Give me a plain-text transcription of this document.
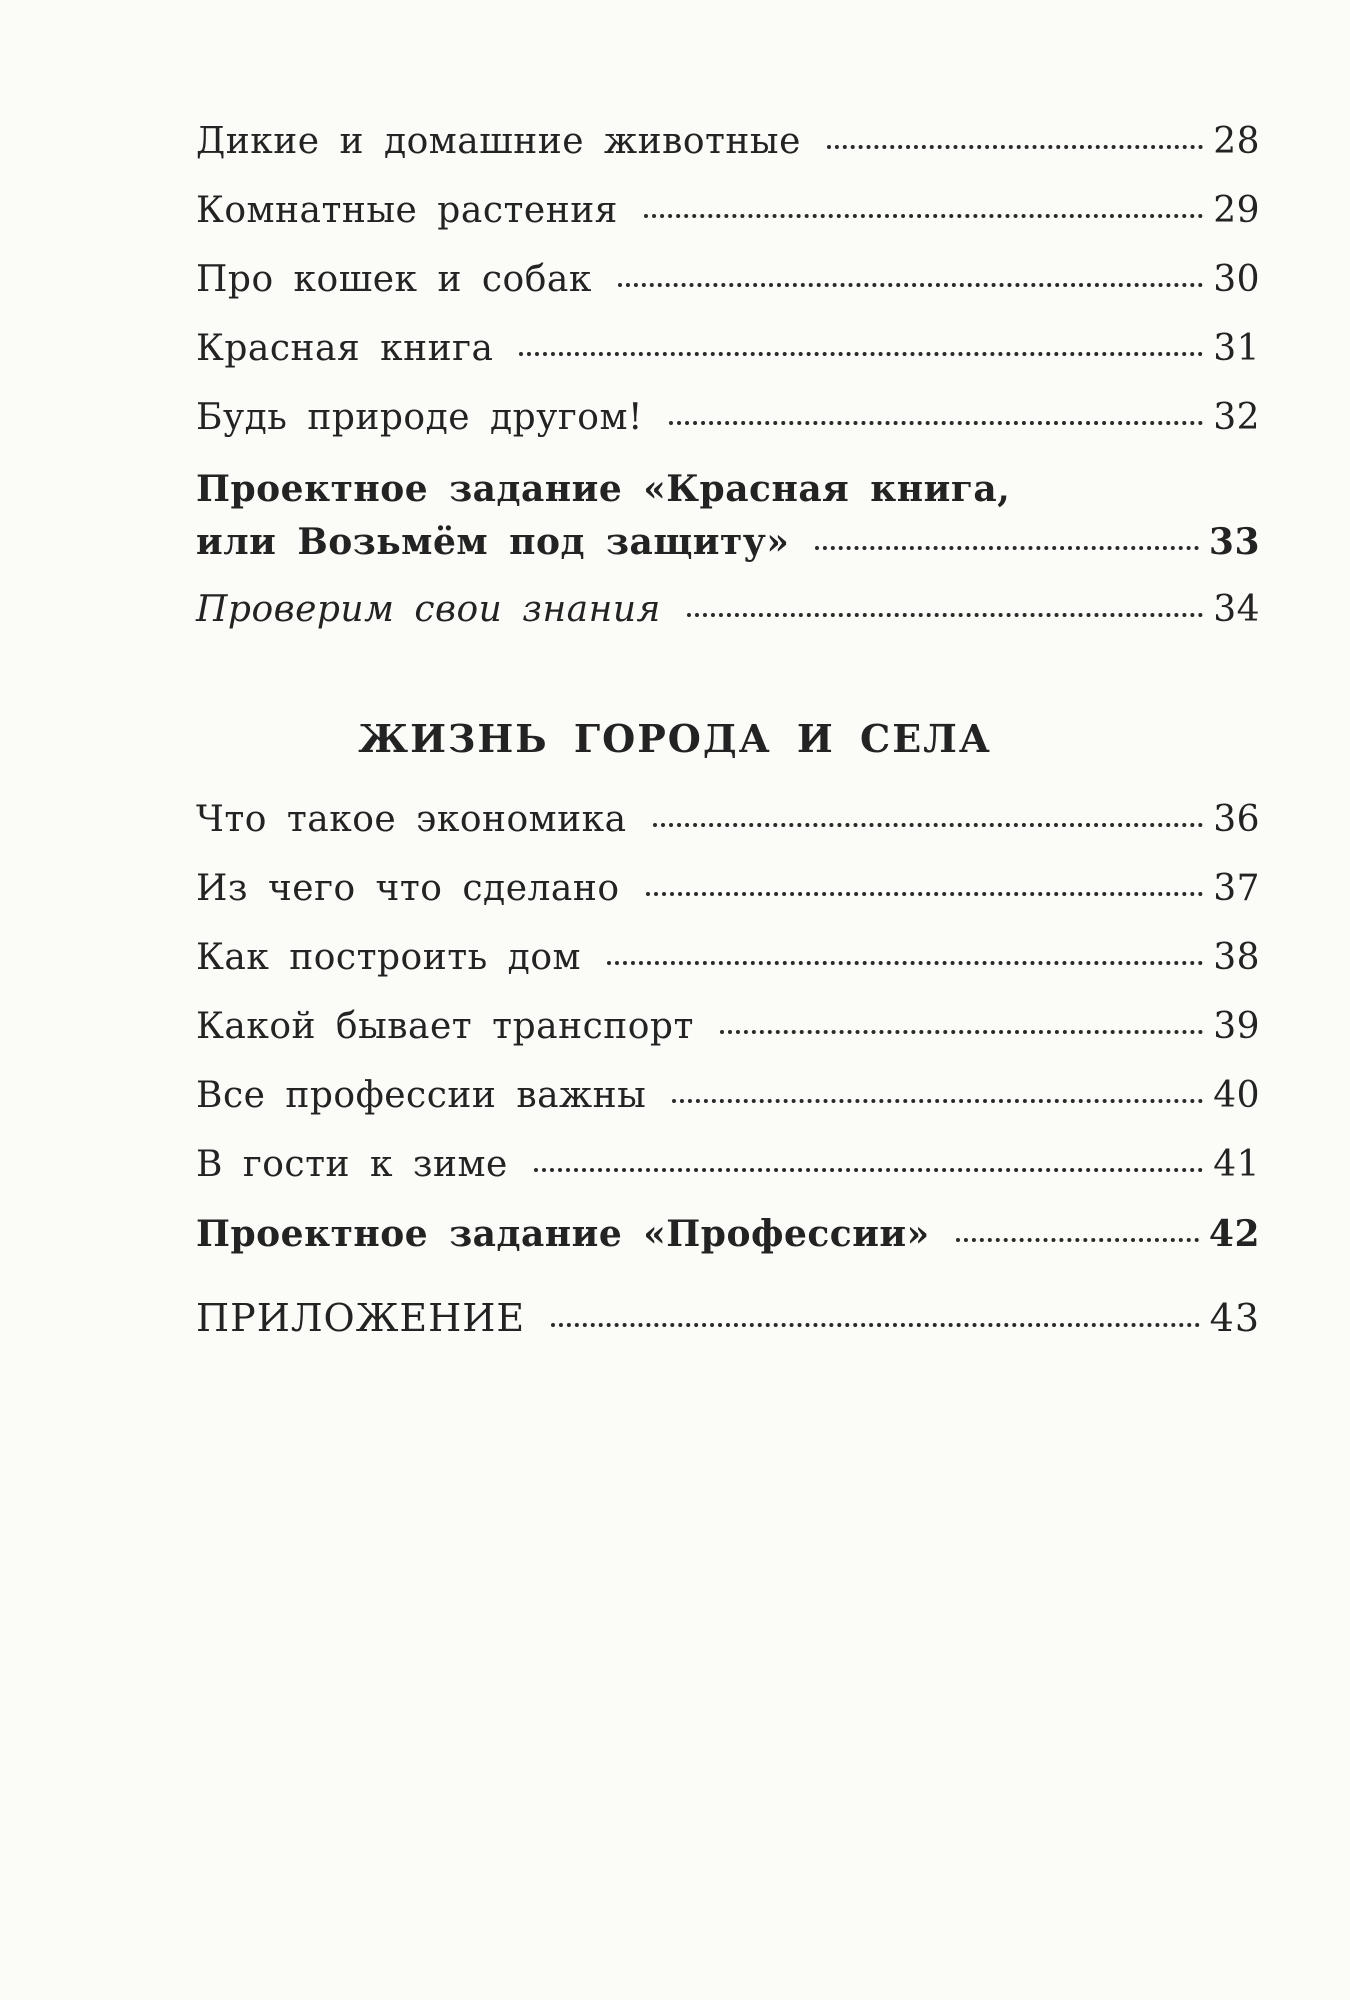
Дикие и домашние животные	28
Комнатные растения	29
Про кошек и собак	30
Красная книга	31
Будь природе другом!	32
Проектное задание «Красная книга,
или Возьмём под защиту»	33
Проверим свои знания	34
ЖИЗНЬ ГОРОДА И СЕЛА
Что такое экономика	36
Из чего что сделано	37
Как построить дом	38
Какой бывает транспорт	39
Все профессии важны	40
В гости к зиме	41
Проектное задание «Профессии»	42
ПРИЛОЖЕНИЕ	43
